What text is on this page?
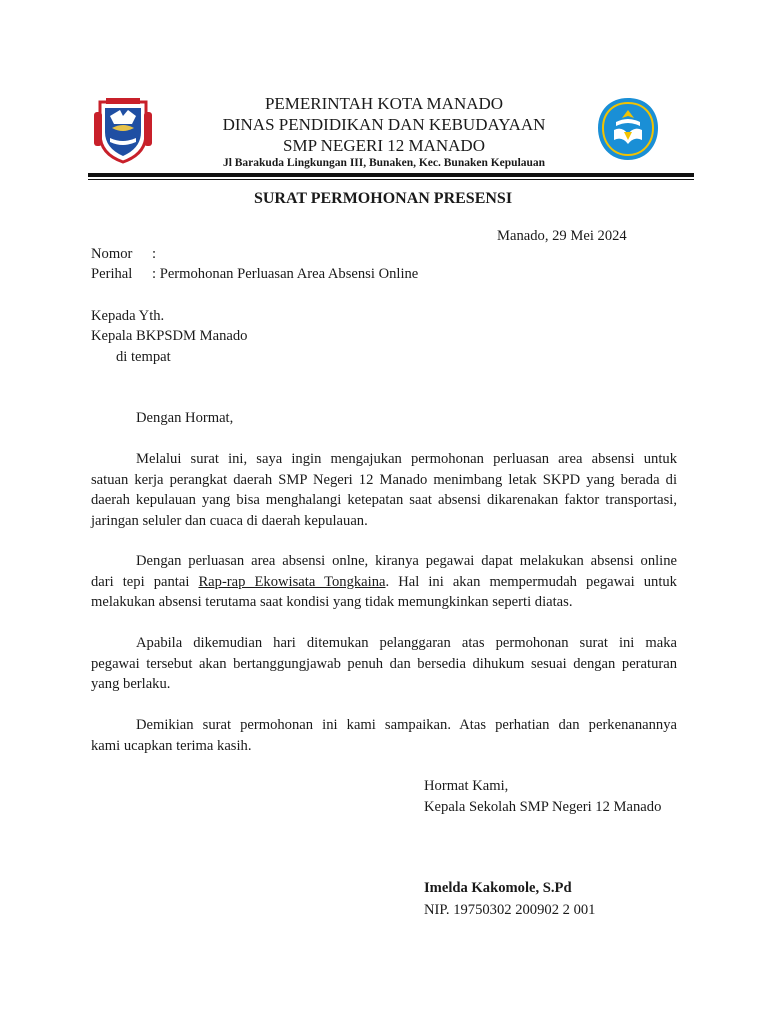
PEMERINTAH KOTA MANADO
DINAS PENDIDIKAN DAN KEBUDAYAAN
SMP NEGERI 12 MANADO
Jl Barakuda Lingkungan III, Bunaken, Kec. Bunaken Kepulauan
SURAT PERMOHONAN PRESENSI
Manado, 29 Mei 2024
Nomor :
Perihal : Permohonan Perluasan Area Absensi Online
Kepada Yth.
Kepala BKPSDM Manado
di tempat
Dengan Hormat,
Melalui surat ini, saya ingin mengajukan permohonan perluasan area absensi untuk
satuan kerja perangkat daerah SMP Negeri 12 Manado menimbang letak SKPD yang berada di
daerah kepulauan yang bisa menghalangi ketepatan saat absensi dikarenakan faktor transportasi,
jaringan seluler dan cuaca di daerah kepulauan.
Dengan perluasan area absensi onlne, kiranya pegawai dapat melakukan absensi online
dari tepi pantai Rap-rap Ekowisata Tongkaina. Hal ini akan mempermudah pegawai untuk
melakukan absensi terutama saat kondisi yang tidak memungkinkan seperti diatas.
Apabila dikemudian hari ditemukan pelanggaran atas permohonan surat ini maka
pegawai tersebut akan bertanggungjawab penuh dan bersedia dihukum sesuai dengan peraturan
yang berlaku.
Demikian surat permohonan ini kami sampaikan. Atas perhatian dan perkenanannya
kami ucapkan terima kasih.
Hormat Kami,
Kepala Sekolah SMP Negeri 12 Manado
Imelda Kakomole, S.Pd
NIP. 19750302 200902 2 001
